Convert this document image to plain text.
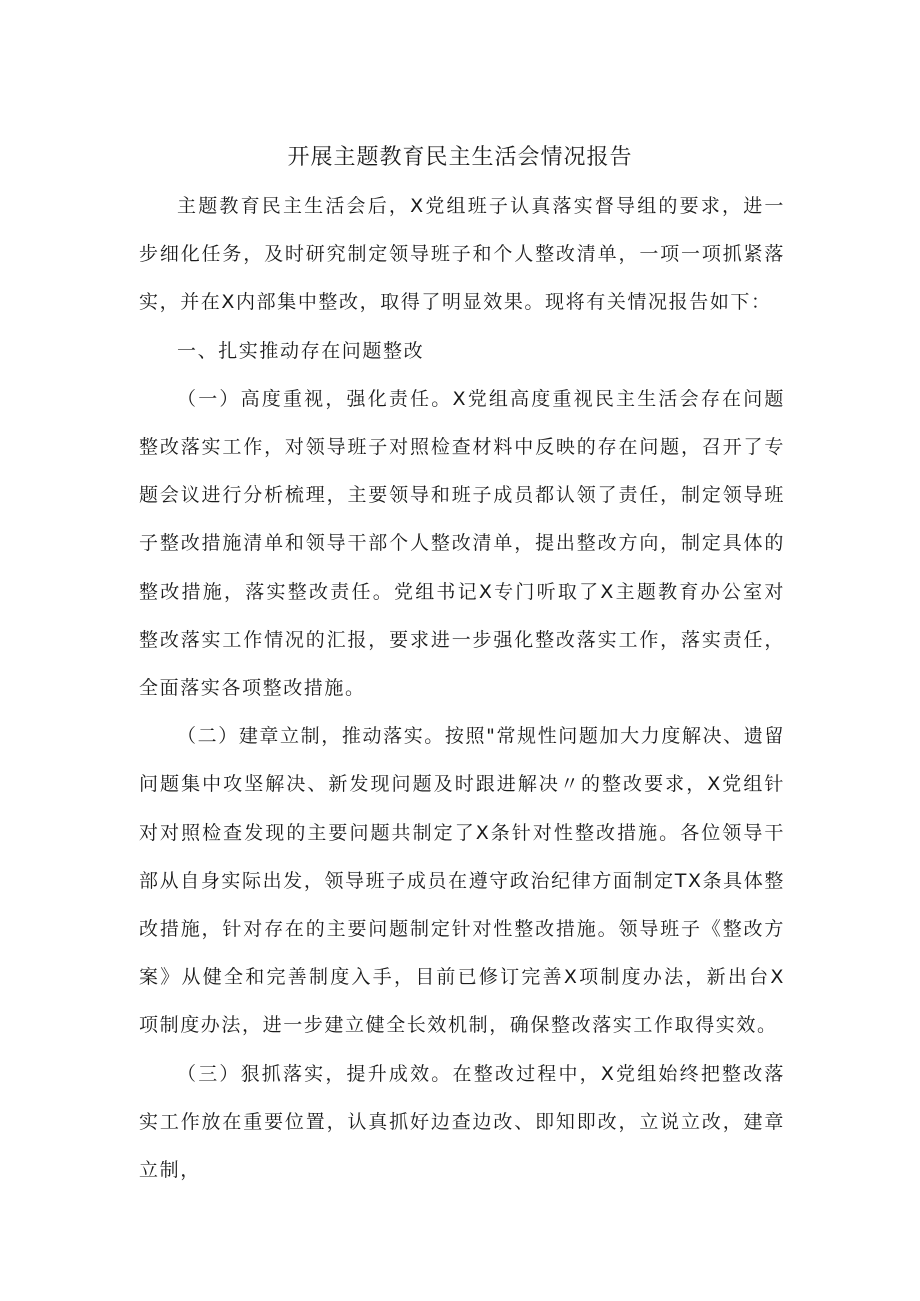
开展主题教育民主生活会情况报告

主题教育民主生活会后，X党组班子认真落实督导组的要求，进一步细化任务，及时研究制定领导班子和个人整改清单，一项一项抓紧落实，并在X内部集中整改，取得了明显效果。现将有关情况报告如下：

一、扎实推动存在问题整改

（一）高度重视，强化责任。X党组高度重视民主生活会存在问题整改落实工作，对领导班子对照检查材料中反映的存在问题，召开了专题会议进行分析梳理，主要领导和班子成员都认领了责任，制定领导班子整改措施清单和领导干部个人整改清单，提出整改方向，制定具体的整改措施，落实整改责任。党组书记X专门听取了X主题教育办公室对整改落实工作情况的汇报，要求进一步强化整改落实工作，落实责任，全面落实各项整改措施。

（二）建章立制，推动落实。按照"常规性问题加大力度解决、遗留问题集中攻坚解决、新发现问题及时跟进解决〃的整改要求，X党组针对对照检查发现的主要问题共制定了X条针对性整改措施。各位领导干部从自身实际出发，领导班子成员在遵守政治纪律方面制定TX条具体整改措施，针对存在的主要问题制定针对性整改措施。领导班子《整改方案》从健全和完善制度入手，目前已修订完善X项制度办法，新出台X项制度办法，进一步建立健全长效机制，确保整改落实工作取得实效。

（三）狠抓落实，提升成效。在整改过程中，X党组始终把整改落实工作放在重要位置，认真抓好边查边改、即知即改，立说立改，建章立制，
